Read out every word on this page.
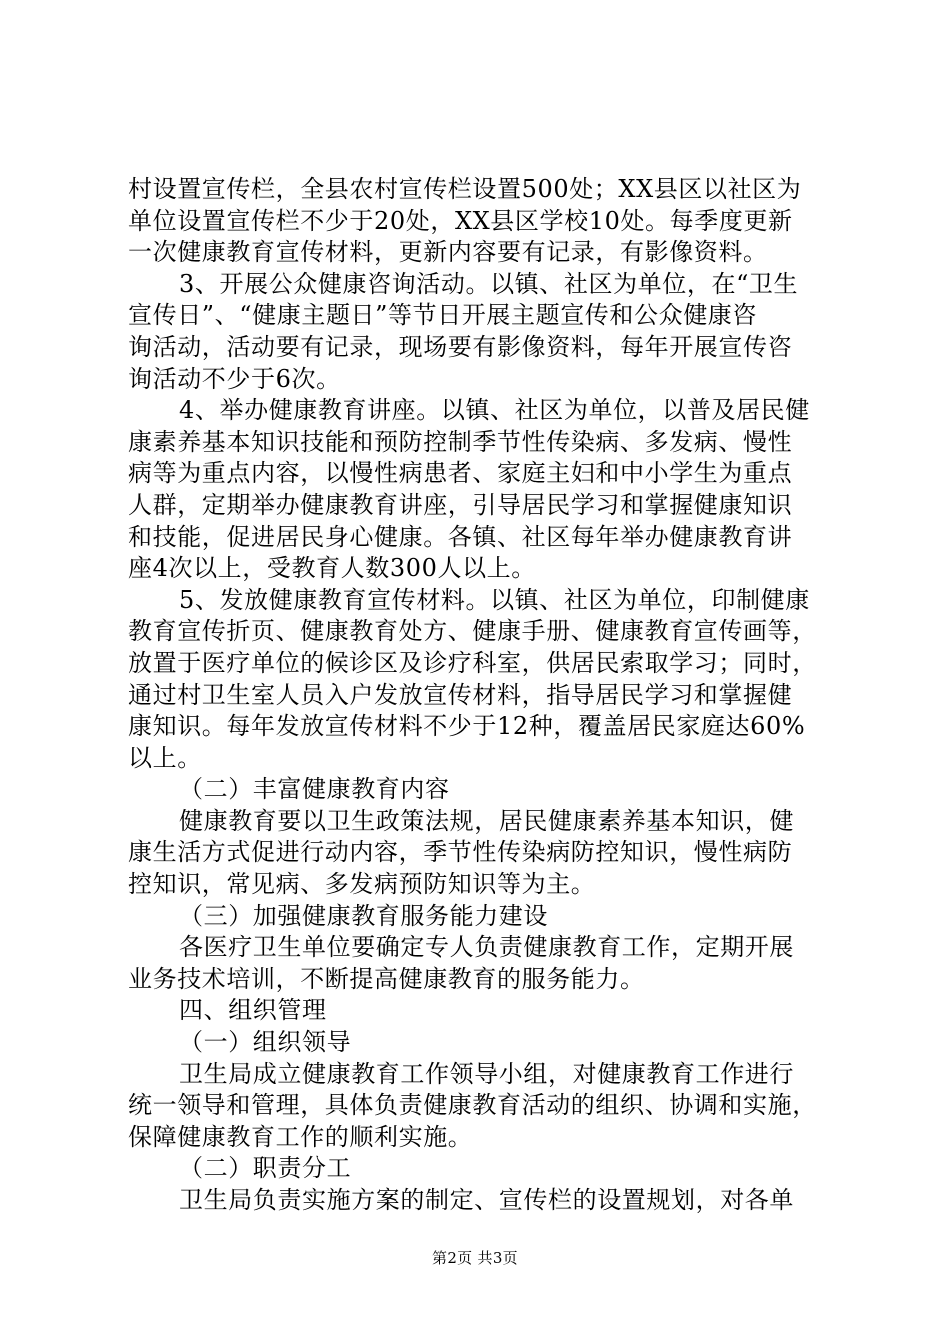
村设置宣传栏，全县农村宣传栏设置500处；XX县区以社区为
单位设置宣传栏不少于20处，XX县区学校10处。每季度更新
一次健康教育宣传材料，更新内容要有记录，有影像资料。
3、开展公众健康咨询活动。以镇、社区为单位，在“卫生
宣传日”、“健康主题日”等节日开展主题宣传和公众健康咨
询活动，活动要有记录，现场要有影像资料，每年开展宣传咨
询活动不少于6次。
4、举办健康教育讲座。以镇、社区为单位，以普及居民健
康素养基本知识技能和预防控制季节性传染病、多发病、慢性
病等为重点内容，以慢性病患者、家庭主妇和中小学生为重点
人群，定期举办健康教育讲座，引导居民学习和掌握健康知识
和技能，促进居民身心健康。各镇、社区每年举办健康教育讲
座4次以上，受教育人数300人以上。
5、发放健康教育宣传材料。以镇、社区为单位，印制健康
教育宣传折页、健康教育处方、健康手册、健康教育宣传画等，
放置于医疗单位的候诊区及诊疗科室，供居民索取学习；同时，
通过村卫生室人员入户发放宣传材料，指导居民学习和掌握健
康知识。每年发放宣传材料不少于12种，覆盖居民家庭达60%
以上。
（二）丰富健康教育内容
健康教育要以卫生政策法规，居民健康素养基本知识，健
康生活方式促进行动内容，季节性传染病防控知识，慢性病防
控知识，常见病、多发病预防知识等为主。
（三）加强健康教育服务能力建设
各医疗卫生单位要确定专人负责健康教育工作，定期开展
业务技术培训，不断提高健康教育的服务能力。
四、组织管理
（一）组织领导
卫生局成立健康教育工作领导小组，对健康教育工作进行
统一领导和管理，具体负责健康教育活动的组织、协调和实施，
保障健康教育工作的顺利实施。
（二）职责分工
卫生局负责实施方案的制定、宣传栏的设置规划，对各单
第2页 共3页
